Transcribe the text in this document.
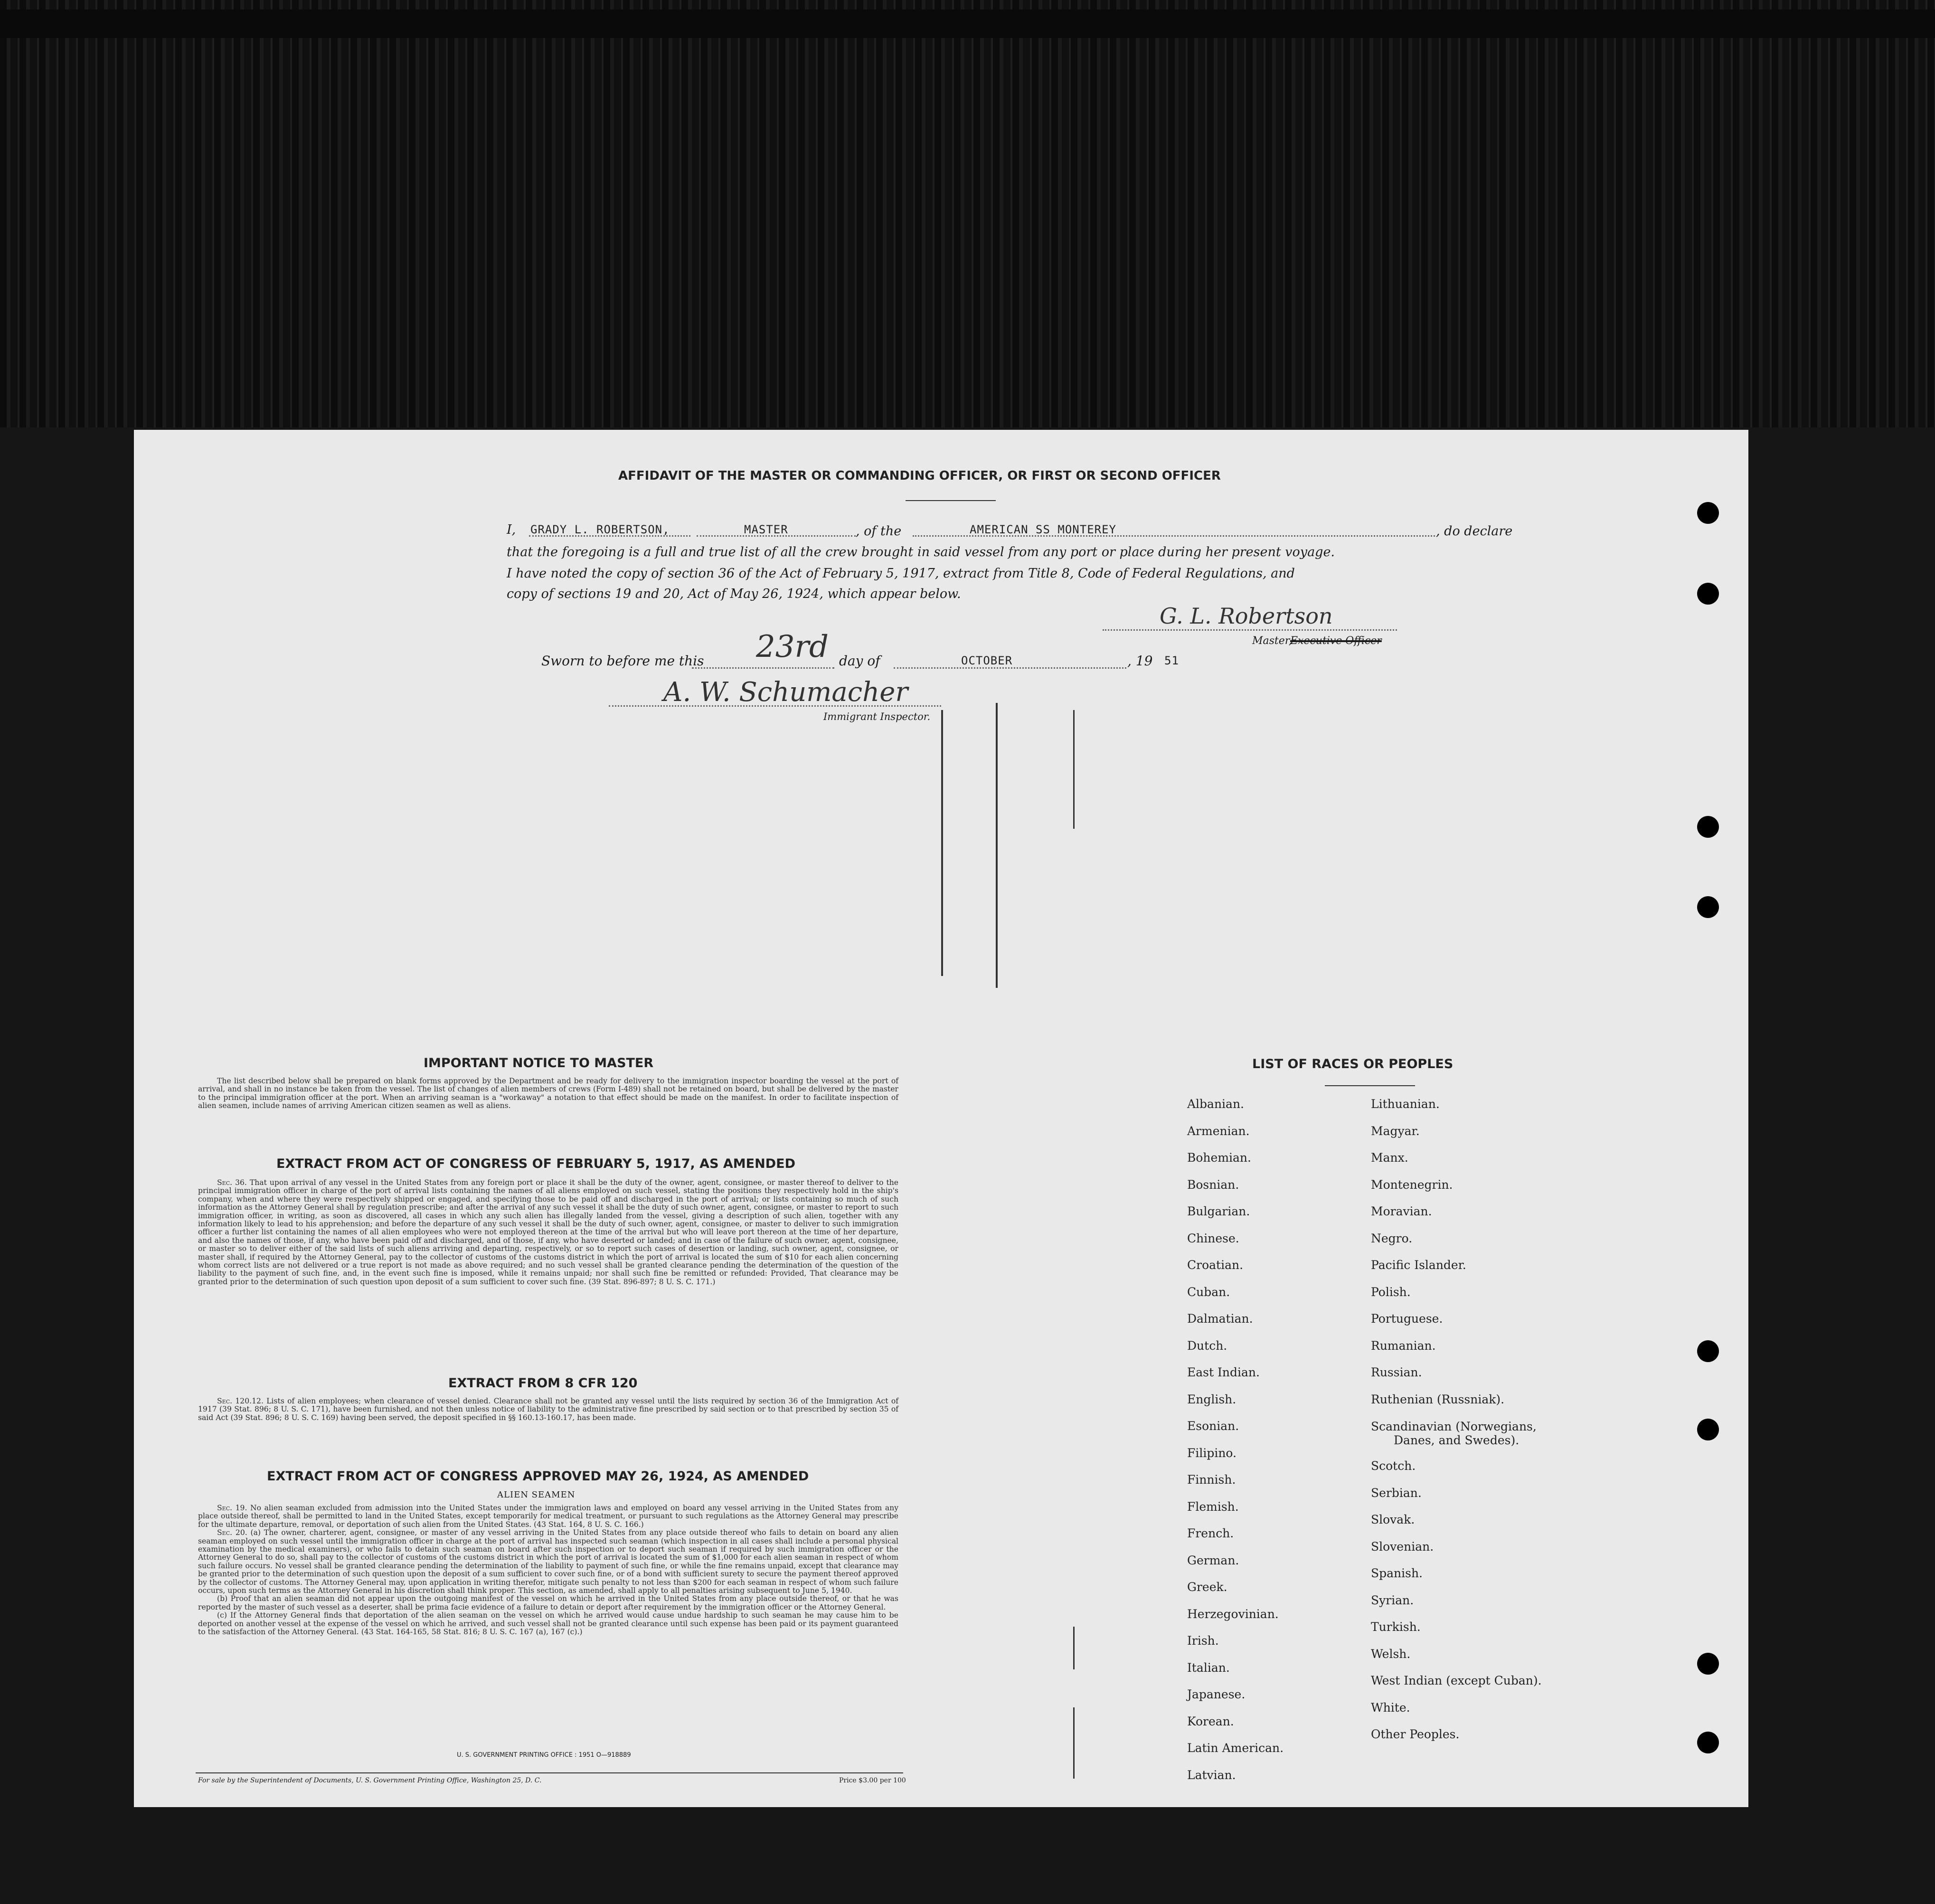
AFFIDAVIT OF THE MASTER OR COMMANDING OFFICER, OR FIRST OR SECOND OFFICER
I, GRADY L. ROBERTSON,	MASTER	, of the	AMERICAN SS MONTEREY	, do declare
that the foregoing is a full and true list of all the crew brought in said vessel from any port or place during her present voyage.
I have noted the copy of section 36 of the Act of February 5, 1917, extract from Title 8, Code of Federal Regulations, and
copy of sections 19 and 20, Act of May 26, 1924, which appear below.
G. L. Robertson
Master,
Executive Officer
Sworn to before me this 23rd day of	OCTOBER	, 19 51
A. W. Schumacher
Immigrant Inspector.
IMPORTANT NOTICE TO MASTER
The list described below shall be prepared on blank forms approved by the Department and be ready for delivery to the immigration inspector boarding the vessel at the port of arrival, and shall in no instance be taken from the vessel. The list of changes of alien members of crews (Form I-489) shall not be retained on board, but shall be delivered by the master to the principal immigration officer at the port. When an arriving seaman is a "workaway" a notation to that effect should be made on the manifest. In order to facilitate inspection of alien seamen, include names of arriving American citizen seamen as well as aliens.
EXTRACT FROM ACT OF CONGRESS OF FEBRUARY 5, 1917, AS AMENDED
Sec. 36. That upon arrival of any vessel in the United States from any foreign port or place it shall be the duty of the owner, agent, consignee, or master thereof to deliver to the principal immigration officer in charge of the port of arrival lists containing the names of all aliens employed on such vessel, stating the positions they respectively hold in the ship's company, when and where they were respectively shipped or engaged, and specifying those to be paid off and discharged in the port of arrival; or lists containing so much of such information as the Attorney General shall by regulation prescribe; and after the arrival of any such vessel it shall be the duty of such owner, agent, consignee, or master to report to such immigration officer, in writing, as soon as discovered, all cases in which any such alien has illegally landed from the vessel, giving a description of such alien, together with any information likely to lead to his apprehension; and before the departure of any such vessel it shall be the duty of such owner, agent, consignee, or master to deliver to such immigration officer a further list containing the names of all alien employees who were not employed thereon at the time of the arrival but who will leave port thereon at the time of her departure, and also the names of those, if any, who have been paid off and discharged, and of those, if any, who have deserted or landed; and in case of the failure of such owner, agent, consignee, or master so to deliver either of the said lists of such aliens arriving and departing, respectively, or so to report such cases of desertion or landing, such owner, agent, consignee, or master shall, if required by the Attorney General, pay to the collector of customs of the customs district in which the port of arrival is located the sum of $10 for each alien concerning whom correct lists are not delivered or a true report is not made as above required; and no such vessel shall be granted clearance pending the determination of the question of the liability to the payment of such fine, and, in the event such fine is imposed, while it remains unpaid; nor shall such fine be remitted or refunded: Provided, That clearance may be granted prior to the determination of such question upon deposit of a sum sufficient to cover such fine. (39 Stat. 896-897; 8 U. S. C. 171.)
EXTRACT FROM 8 CFR 120
Sec. 120.12. Lists of alien employees; when clearance of vessel denied. Clearance shall not be granted any vessel until the lists required by section 36 of the Immigration Act of 1917 (39 Stat. 896; 8 U. S. C. 171), have been furnished, and not then unless notice of liability to the administrative fine prescribed by said section or to that prescribed by section 35 of said Act (39 Stat. 896; 8 U. S. C. 169) having been served, the deposit specified in §§ 160.13-160.17, has been made.
EXTRACT FROM ACT OF CONGRESS APPROVED MAY 26, 1924, AS AMENDED
ALIEN SEAMEN
Sec. 19. No alien seaman excluded from admission into the United States under the immigration laws and employed on board any vessel arriving in the United States from any place outside thereof, shall be permitted to land in the United States, except temporarily for medical treatment, or pursuant to such regulations as the Attorney General may prescribe for the ultimate departure, removal, or deportation of such alien from the United States. (43 Stat. 164, 8 U. S. C. 166.)
Sec. 20. (a) The owner, charterer, agent, consignee, or master of any vessel arriving in the United States from any place outside thereof who fails to detain on board any alien seaman employed on such vessel until the immigration officer in charge at the port of arrival has inspected such seaman (which inspection in all cases shall include a personal physical examination by the medical examiners), or who fails to detain such seaman on board after such inspection or to deport such seaman if required by such immigration officer or the Attorney General to do so, shall pay to the collector of customs of the customs district in which the port of arrival is located the sum of $1,000 for each alien seaman in respect of whom such failure occurs. No vessel shall be granted clearance pending the determination of the liability to payment of such fine, or while the fine remains unpaid, except that clearance may be granted prior to the determination of such question upon the deposit of a sum sufficient to cover such fine, or of a bond with sufficient surety to secure the payment thereof approved by the collector of customs. The Attorney General may, upon application in writing therefor, mitigate such penalty to not less than $200 for each seaman in respect of whom such failure occurs, upon such terms as the Attorney General in his discretion shall think proper. This section, as amended, shall apply to all penalties arising subsequent to June 5, 1940.
(b) Proof that an alien seaman did not appear upon the outgoing manifest of the vessel on which he arrived in the United States from any place outside thereof, or that he was reported by the master of such vessel as a deserter, shall be prima facie evidence of a failure to detain or deport after requirement by the immigration officer or the Attorney General.
(c) If the Attorney General finds that deportation of the alien seaman on the vessel on which he arrived would cause undue hardship to such seaman he may cause him to be deported on another vessel at the expense of the vessel on which he arrived, and such vessel shall not be granted clearance until such expense has been paid or its payment guaranteed to the satisfaction of the Attorney General. (43 Stat. 164-165, 58 Stat. 816; 8 U. S. C. 167 (a), 167 (c).)
U. S. GOVERNMENT PRINTING OFFICE : 1951 O—918889
For sale by the Superintendent of Documents, U. S. Government Printing Office, Washington 25, D. C.	Price $3.00 per 100
LIST OF RACES OR PEOPLES
Albanian.
Armenian.
Bohemian.
Bosnian.
Bulgarian.
Chinese.
Croatian.
Cuban.
Dalmatian.
Dutch.
East Indian.
English.
Esonian.
Filipino.
Finnish.
Flemish.
French.
German.
Greek.
Herzegovinian.
Irish.
Italian.
Japanese.
Korean.
Latin American.
Latvian.
Lithuanian.
Magyar.
Manx.
Montenegrin.
Moravian.
Negro.
Pacific Islander.
Polish.
Portuguese.
Rumanian.
Russian.
Ruthenian (Russniak).
Scandinavian (Norwegians,
Danes, and Swedes).
Scotch.
Serbian.
Slovak.
Slovenian.
Spanish.
Syrian.
Turkish.
Welsh.
West Indian (except Cuban).
White.
Other Peoples.
